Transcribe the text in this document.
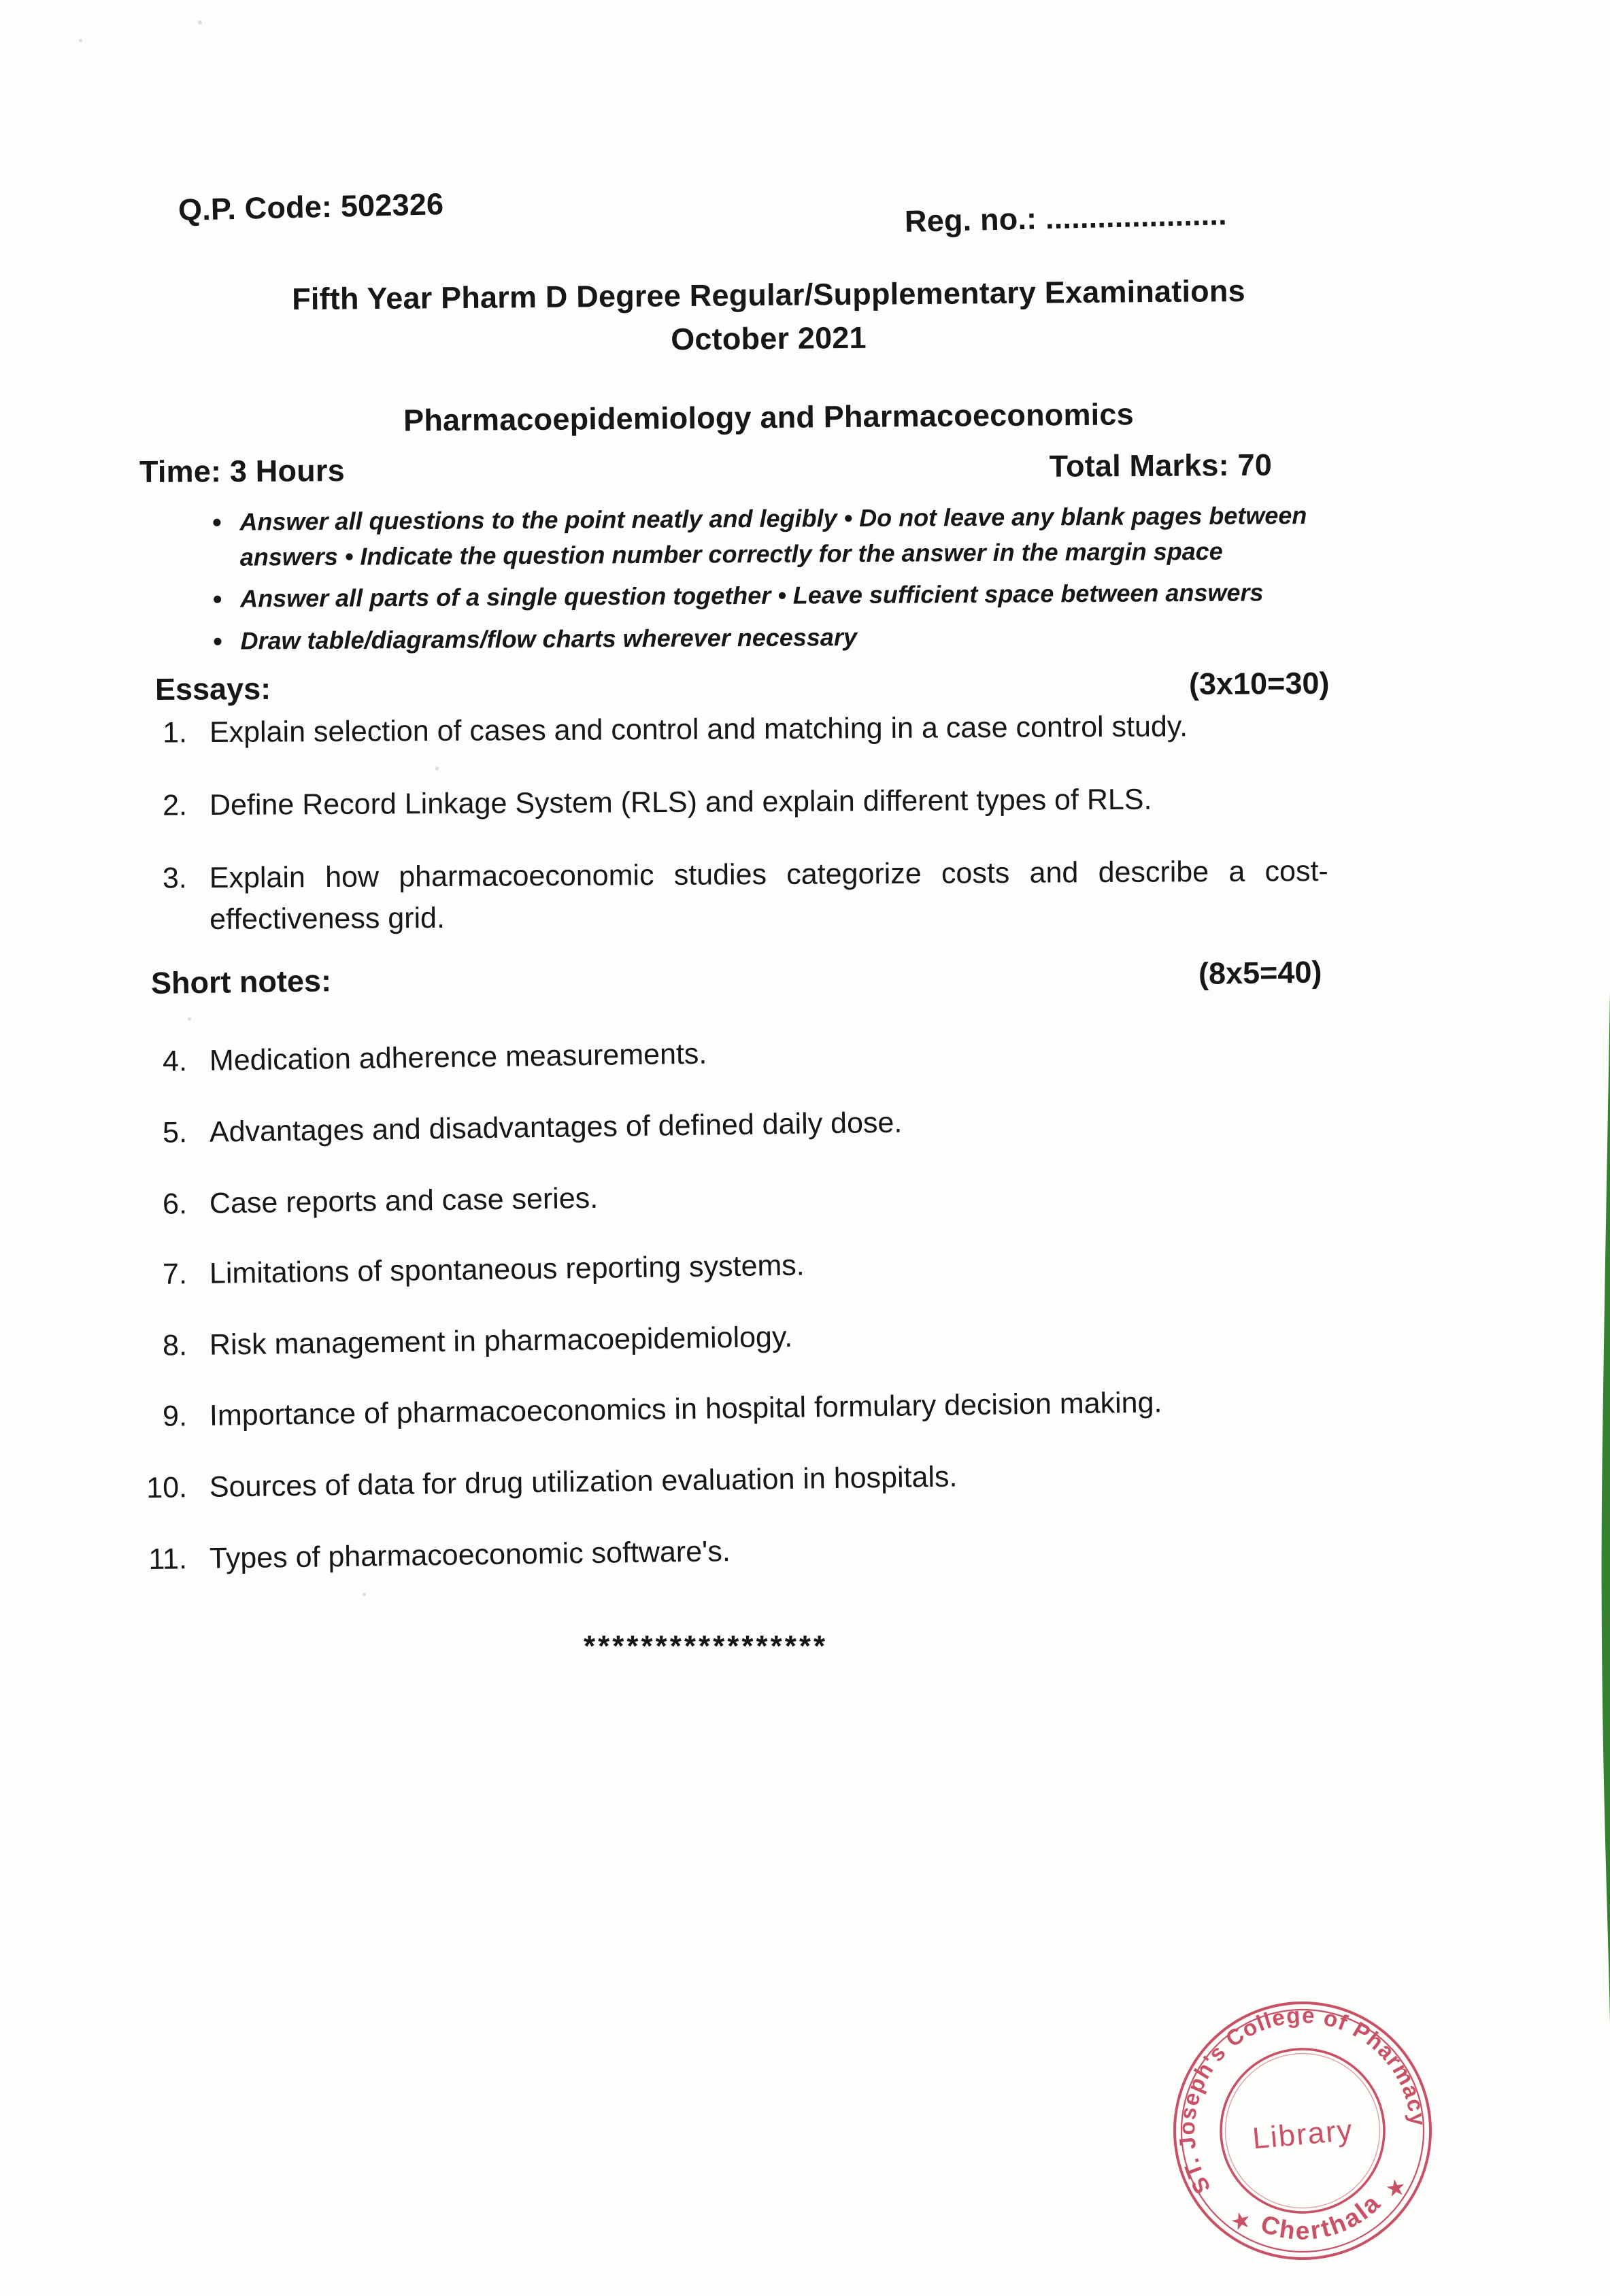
Q.P. Code: 502326	Reg. no.: .....................
Fifth Year Pharm D Degree Regular/Supplementary Examinations
October 2021
Pharmacoepidemiology and Pharmacoeconomics
Time: 3 Hours	Total Marks: 70
• Answer all questions to the point neatly and legibly • Do not leave any blank pages between answers • Indicate the question number correctly for the answer in the margin space
• Answer all parts of a single question together • Leave sufficient space between answers
• Draw table/diagrams/flow charts wherever necessary
Essays:	(3x10=30)
1. Explain selection of cases and control and matching in a case control study.
2. Define Record Linkage System (RLS) and explain different types of RLS.
3. Explain how pharmacoeconomic studies categorize costs and describe a cost-
effectiveness grid.
Short notes:	(8x5=40)
4. Medication adherence measurements.
5. Advantages and disadvantages of defined daily dose.
6. Case reports and case series.
7. Limitations of spontaneous reporting systems.
8. Risk management in pharmacoepidemiology.
9. Importance of pharmacoeconomics in hospital formulary decision making.
10. Sources of data for drug utilization evaluation in hospitals.
11. Types of pharmacoeconomic software's.
*****************
ST. Joseph's College of Pharmacy
Cherthala
Library
★
★
